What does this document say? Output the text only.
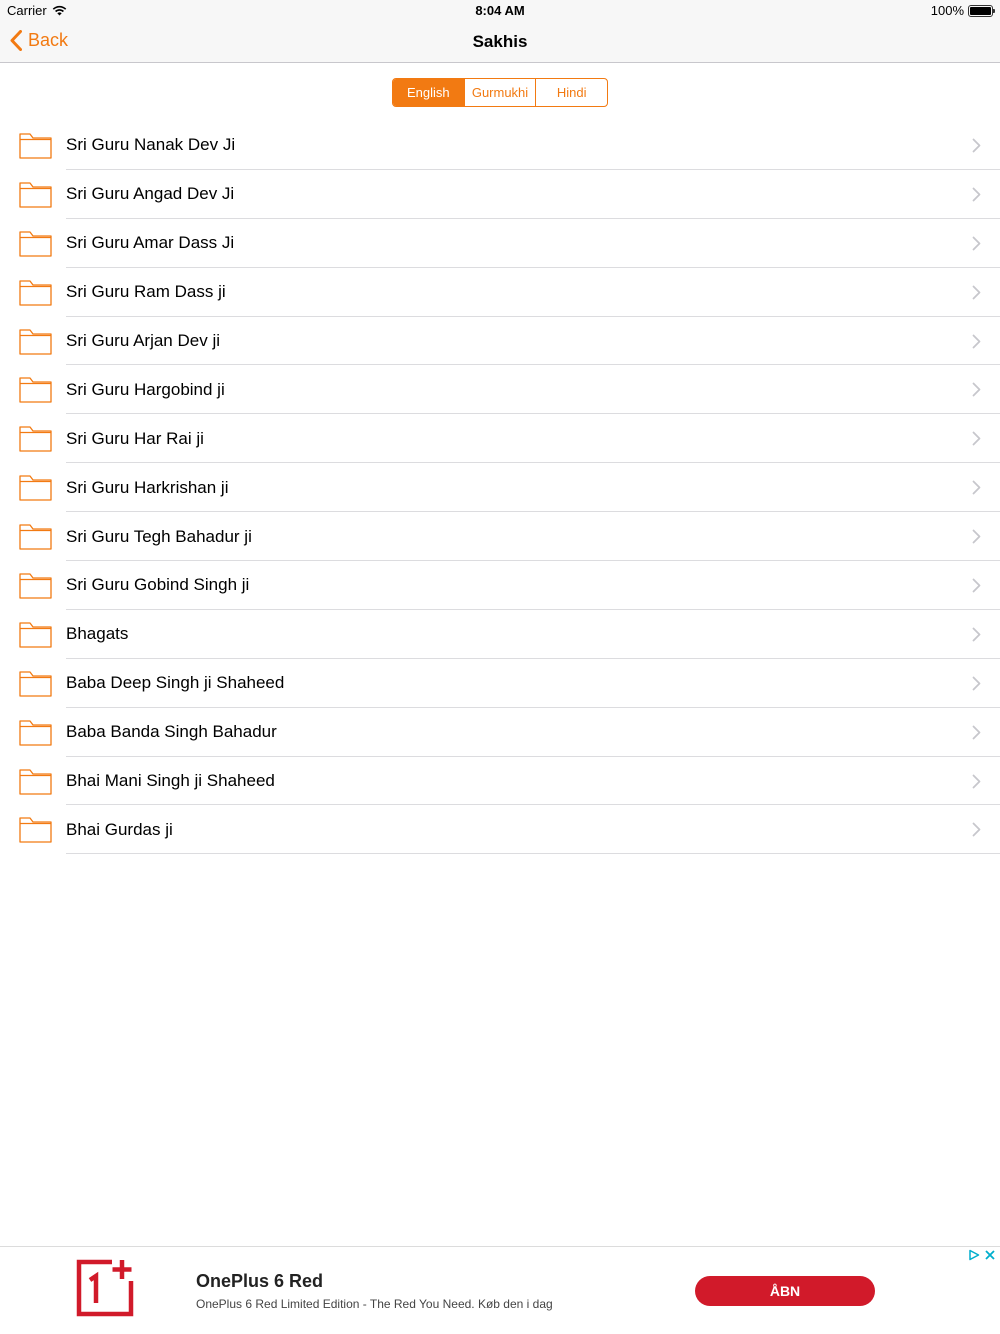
Carrier	8:04 AM	100%
Back	Sakhis
English	Gurmukhi	Hindi
Sri Guru Nanak Dev Ji
Sri Guru Angad Dev Ji
Sri Guru Amar Dass Ji
Sri Guru Ram Dass ji
Sri Guru Arjan Dev ji
Sri Guru Hargobind ji
Sri Guru Har Rai ji
Sri Guru Harkrishan ji
Sri Guru Tegh Bahadur ji
Sri Guru Gobind Singh ji
Bhagats
Baba Deep Singh ji Shaheed
Baba Banda Singh Bahadur
Bhai Mani Singh ji Shaheed
Bhai Gurdas ji
OnePlus 6 Red
OnePlus 6 Red Limited Edition - The Red You Need. Køb den i dag
ÅBN
